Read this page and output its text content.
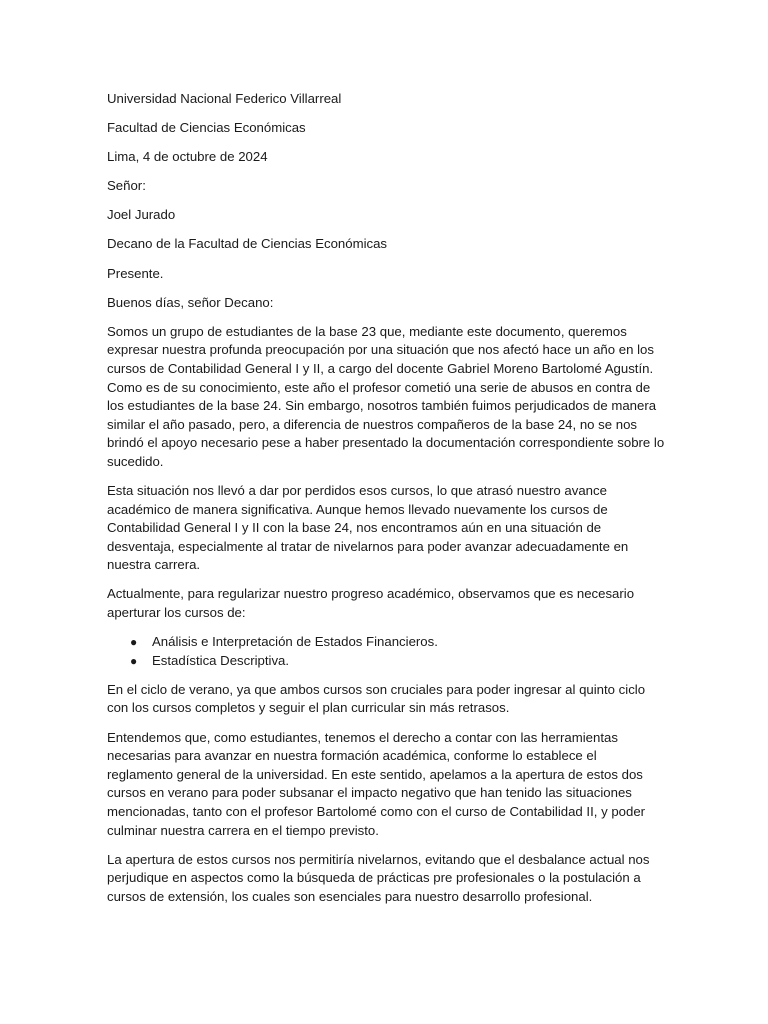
Universidad Nacional Federico Villarreal

Facultad de Ciencias Económicas

Lima, 4 de octubre de 2024

Señor:

Joel Jurado

Decano de la Facultad de Ciencias Económicas

Presente.

Buenos días, señor Decano:

Somos un grupo de estudiantes de la base 23 que, mediante este documento, queremos expresar nuestra profunda preocupación por una situación que nos afectó hace un año en los cursos de Contabilidad General I y II, a cargo del docente Gabriel Moreno Bartolomé Agustín. Como es de su conocimiento, este año el profesor cometió una serie de abusos en contra de los estudiantes de la base 24. Sin embargo, nosotros también fuimos perjudicados de manera similar el año pasado, pero, a diferencia de nuestros compañeros de la base 24, no se nos brindó el apoyo necesario pese a haber presentado la documentación correspondiente sobre lo sucedido.

Esta situación nos llevó a dar por perdidos esos cursos, lo que atrasó nuestro avance académico de manera significativa. Aunque hemos llevado nuevamente los cursos de Contabilidad General I y II con la base 24, nos encontramos aún en una situación de desventaja, especialmente al tratar de nivelarnos para poder avanzar adecuadamente en nuestra carrera.

Actualmente, para regularizar nuestro progreso académico, observamos que es necesario aperturar los cursos de:

● Análisis e Interpretación de Estados Financieros.
● Estadística Descriptiva.

En el ciclo de verano, ya que ambos cursos son cruciales para poder ingresar al quinto ciclo con los cursos completos y seguir el plan curricular sin más retrasos.

Entendemos que, como estudiantes, tenemos el derecho a contar con las herramientas necesarias para avanzar en nuestra formación académica, conforme lo establece el reglamento general de la universidad. En este sentido, apelamos a la apertura de estos dos cursos en verano para poder subsanar el impacto negativo que han tenido las situaciones mencionadas, tanto con el profesor Bartolomé como con el curso de Contabilidad II, y poder culminar nuestra carrera en el tiempo previsto.

La apertura de estos cursos nos permitiría nivelarnos, evitando que el desbalance actual nos perjudique en aspectos como la búsqueda de prácticas pre profesionales o la postulación a cursos de extensión, los cuales son esenciales para nuestro desarrollo profesional.
